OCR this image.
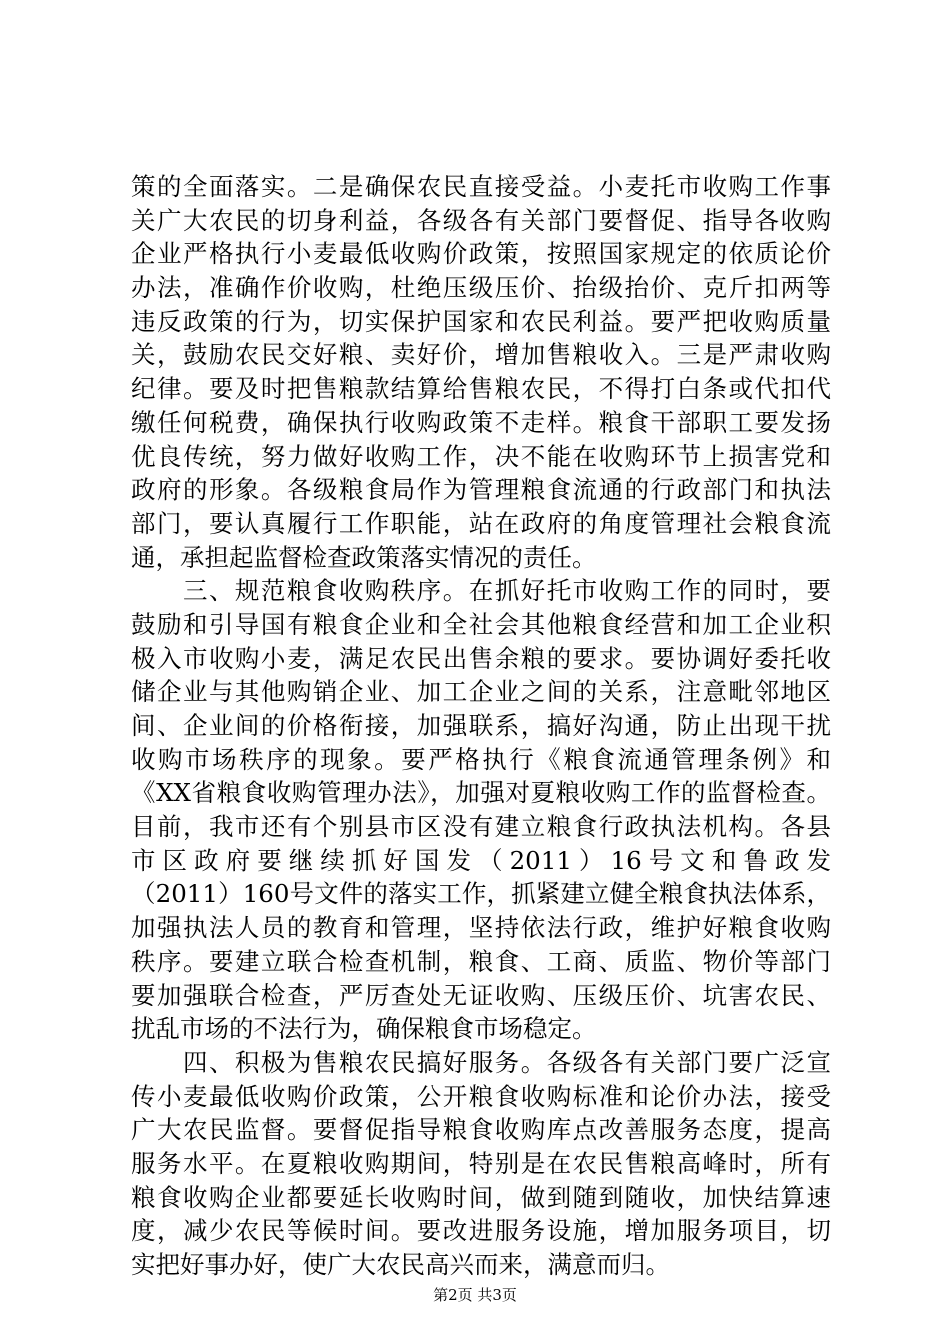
策的全面落实。二是确保农民直接受益。小麦托市收购工作事
关广大农民的切身利益，各级各有关部门要督促、指导各收购
企业严格执行小麦最低收购价政策，按照国家规定的依质论价
办法，准确作价收购，杜绝压级压价、抬级抬价、克斤扣两等
违反政策的行为，切实保护国家和农民利益。要严把收购质量
关，鼓励农民交好粮、卖好价，增加售粮收入。三是严肃收购
纪律。要及时把售粮款结算给售粮农民，不得打白条或代扣代
缴任何税费，确保执行收购政策不走样。粮食干部职工要发扬
优良传统，努力做好收购工作，决不能在收购环节上损害党和
政府的形象。各级粮食局作为管理粮食流通的行政部门和执法
部门，要认真履行工作职能，站在政府的角度管理社会粮食流
通，承担起监督检查政策落实情况的责任。
　　三、规范粮食收购秩序。在抓好托市收购工作的同时，要
鼓励和引导国有粮食企业和全社会其他粮食经营和加工企业积
极入市收购小麦，满足农民出售余粮的要求。要协调好委托收
储企业与其他购销企业、加工企业之间的关系，注意毗邻地区
间、企业间的价格衔接，加强联系，搞好沟通，防止出现干扰
收购市场秩序的现象。要严格执行《粮食流通管理条例》和
《XX省粮食收购管理办法》，加强对夏粮收购工作的监督检查。
目前，我市还有个别县市区没有建立粮食行政执法机构。各县
市区政府要继续抓好国发（2011）16号文和鲁政发
（2011）160号文件的落实工作，抓紧建立健全粮食执法体系，
加强执法人员的教育和管理，坚持依法行政，维护好粮食收购
秩序。要建立联合检查机制，粮食、工商、质监、物价等部门
要加强联合检查，严厉查处无证收购、压级压价、坑害农民、
扰乱市场的不法行为，确保粮食市场稳定。
　　四、积极为售粮农民搞好服务。各级各有关部门要广泛宣
传小麦最低收购价政策，公开粮食收购标准和论价办法，接受
广大农民监督。要督促指导粮食收购库点改善服务态度，提高
服务水平。在夏粮收购期间，特别是在农民售粮高峰时，所有
粮食收购企业都要延长收购时间，做到随到随收，加快结算速
度，减少农民等候时间。要改进服务设施，增加服务项目，切
实把好事办好，使广大农民高兴而来，满意而归。
第2页 共3页
